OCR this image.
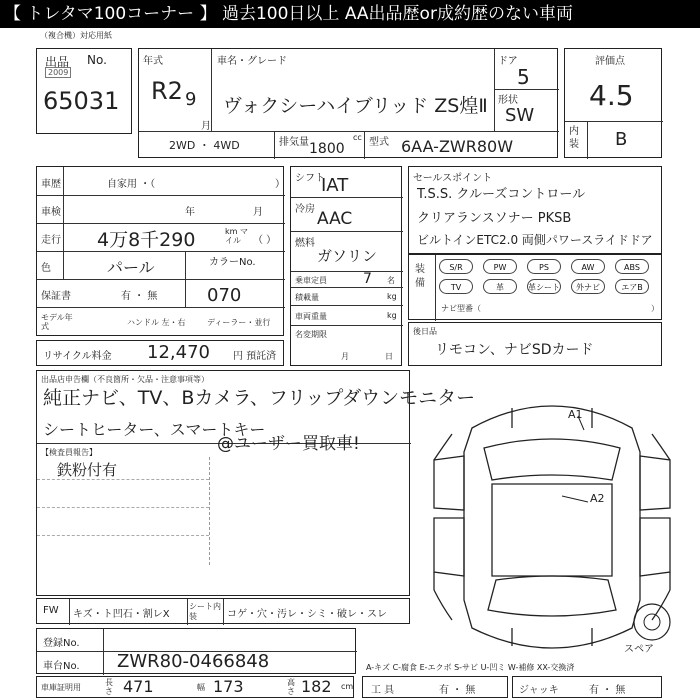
【 トレタマ100コーナー 】 過去100日以上 AA出品歴or成約歴のない車両
（複合機）対応用紙
出品 No.
2009
65031
年式
R2 9
月
車名・グレード
ヴォクシーハイブリッド ZS煌Ⅱ
ドア
5
形状
SW
2WD ・ 4WD	排気量	cc
1800 型式 6AA-ZWR80W
評価点
4.5
内装 B
車歴	自家用 ・（	）
車検	年	月
走行 4万8千290	km マイル	（ ）
色	パール	カラーNo.
保証書	有 ・ 無	070
モデル年式	ハンドル 左・右	ディーラー・並行
リサイクル料金 12,470 円 預託済
シフト
IAT
冷房 AAC
燃料
ガソリン
乗車定員	7 名
積載量	kg
車両重量	kg
名変期限
月	日
セールスポイント
T.S.S. クルーズコントロール
クリアランスソナー PKSB
ビルトインETC2.0 両側パワースライドドア
装備
S/R	PW	PS	AW	ABS
TV	革	革シート	外ナビ	エアB
ナビ型番（	）
後日品
リモコン、ナビSDカード
出品店申告欄（不良箇所・欠品・注意事項等）
純正ナビ、TV、Bカメラ、フリップダウンモニター
シートヒーター、スマートキー
@ユーザー買取車!
【検査員報告】
鉄粉付有
FW キズ・ト凹石・割レX
シート内装	コゲ・穴・汚レ・シミ・破レ・スレ
登録No.
車台No. ZWR80-0466848	A-キズ C-腐食 E-エクボ S-サビ U-凹ミ W-補修 XX-交換済
車庫証明用
長さ 471	幅 173	高さ 182 cm 工 具	有 ・ 無	ジャッキ	有 ・ 無
A1
A2
スペア
